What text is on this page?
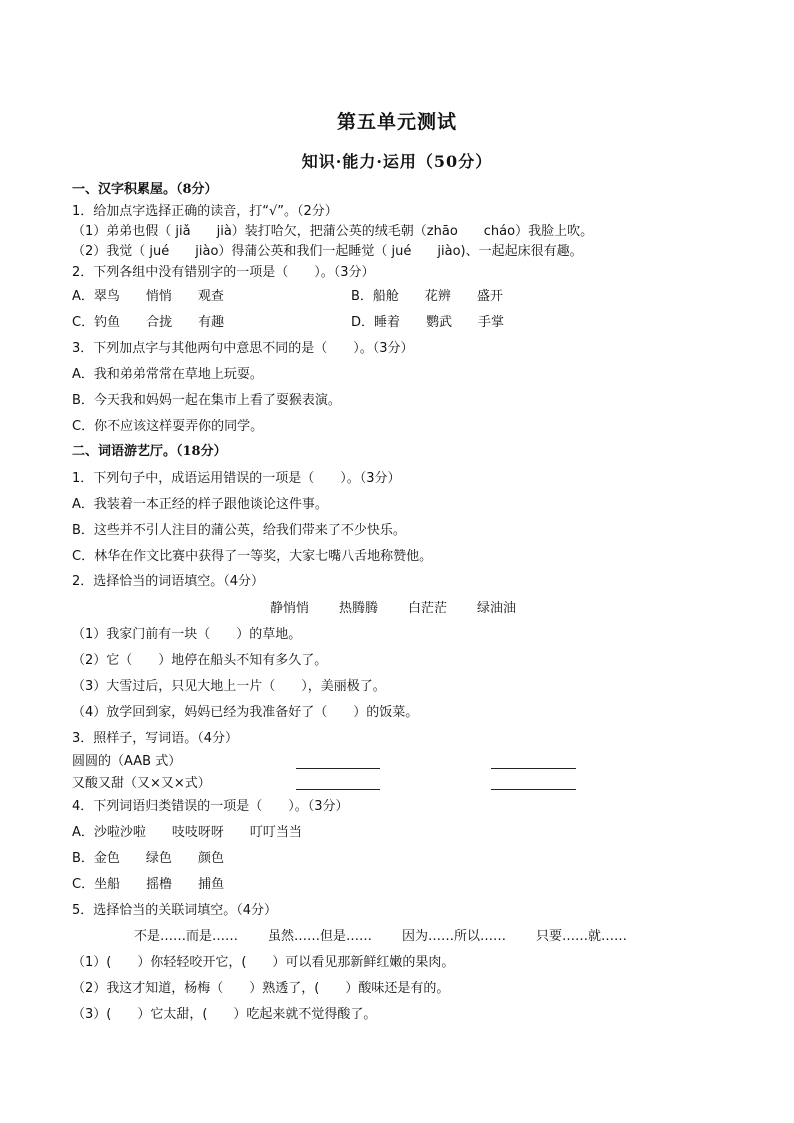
第五单元测试
知识·能力·运用（50分）
一、汉字积累屋。（8分）
1．给加点字选择正确的读音，打“√”。（2分）
（1）弟弟也假（ jiǎ　　jià）装打哈欠，把蒲公英的绒毛朝（zhāo　　cháo）我脸上吹。
（2）我觉（ jué　　jiào）得蒲公英和我们一起睡觉（ jué　　jiào)、一起起床很有趣。
2．下列各组中没有错别字的一项是（　　）。（3分）
A．翠鸟 悄悄 观查	B．船舱 花辨 盛开
C．钓鱼 合拢 有趣	D．睡着 鹦武 手掌
3．下列加点字与其他两句中意思不同的是（　　）。（3分）
A．我和弟弟常常在草地上玩耍。
B．今天我和妈妈一起在集市上看了耍猴表演。
C．你不应该这样耍弄你的同学。
二、词语游艺厅。（18分）
1．下列句子中，成语运用错误的一项是（　　）。（3分）
A．我装着一本正经的样子跟他谈论这件事。
B．这些并不引人注目的蒲公英，给我们带来了不少快乐。
C．林华在作文比赛中获得了一等奖，大家七嘴八舌地称赞他。
2．选择恰当的词语填空。（4分）
静悄悄 热腾腾 白茫茫 绿油油
（1）我家门前有一块（　　）的草地。
（2）它（　　）地停在船头不知有多久了。
（3）大雪过后，只见大地上一片（　　），美丽极了。
（4）放学回到家，妈妈已经为我准备好了（　　）的饭菜。
3．照样子，写词语。（4分）
圆圆的（AAB 式）
又酸又甜（又×又×式）
4．下列词语归类错误的一项是（　　）。（3分）
A．沙啦沙啦 吱吱呀呀 叮叮当当
B．金色 绿色 颜色
C．坐船 摇橹 捕鱼
5．选择恰当的关联词填空。（4分）
不是……而是…… 虽然……但是…… 因为……所以…… 只要……就……
（1）(　　）你轻轻咬开它，(　　）可以看见那新鲜红嫩的果肉。
（2）我这才知道，杨梅（　　）熟透了，(　　）酸味还是有的。
（3）(　　）它太甜，(　　）吃起来就不觉得酸了。
